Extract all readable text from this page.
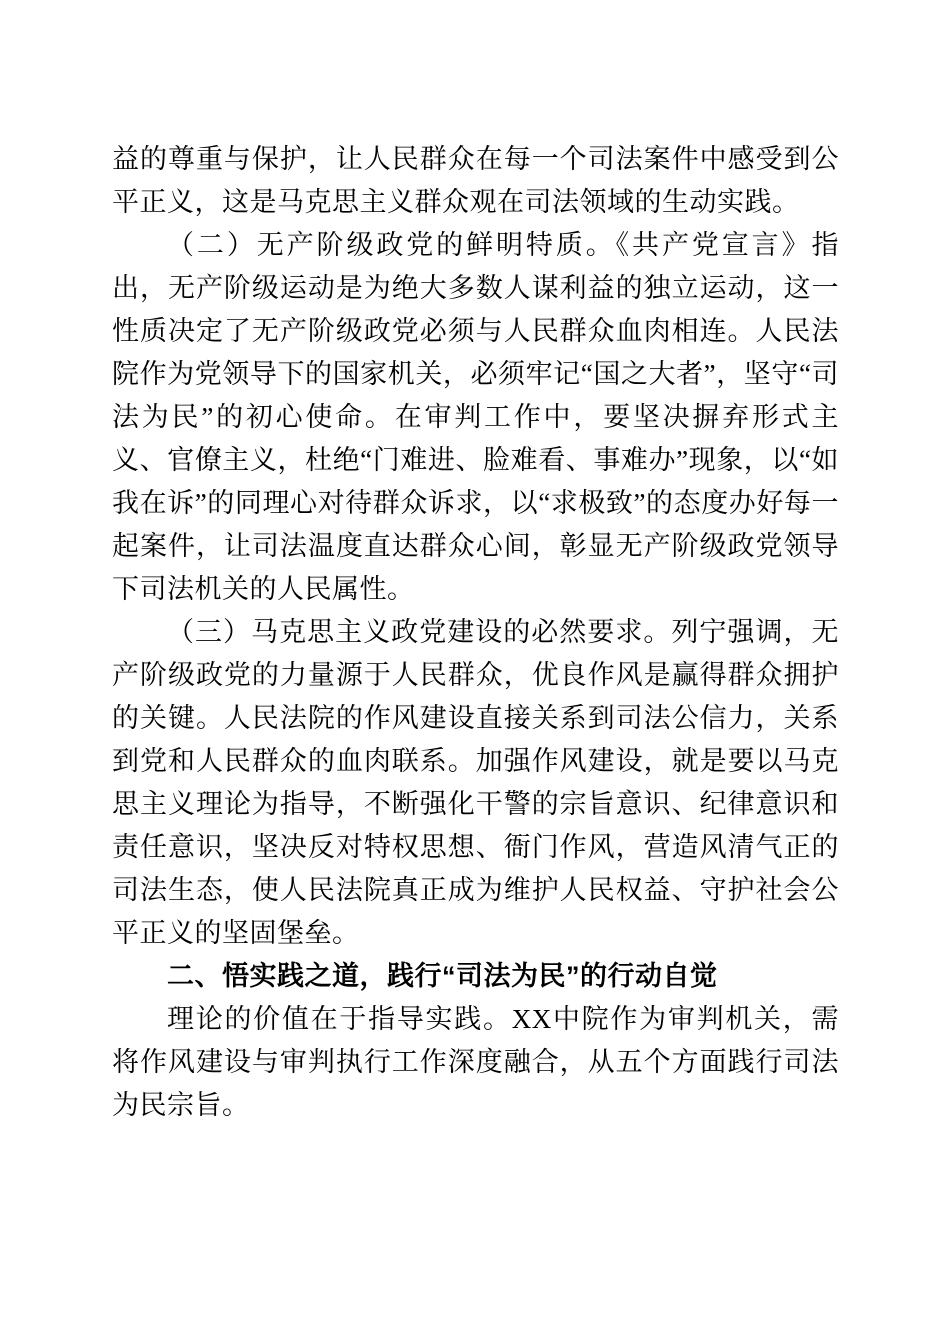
益的尊重与保护，让人民群众在每一个司法案件中感受到公平正义，这是马克思主义群众观在司法领域的生动实践。

（二）无产阶级政党的鲜明特质。《共产党宣言》指出，无产阶级运动是为绝大多数人谋利益的独立运动，这一性质决定了无产阶级政党必须与人民群众血肉相连。人民法院作为党领导下的国家机关，必须牢记“国之大者”，坚守“司法为民”的初心使命。在审判工作中，要坚决摒弃形式主义、官僚主义，杜绝“门难进、脸难看、事难办”现象，以“如我在诉”的同理心对待群众诉求，以“求极致”的态度办好每一起案件，让司法温度直达群众心间，彰显无产阶级政党领导下司法机关的人民属性。

（三）马克思主义政党建设的必然要求。列宁强调，无产阶级政党的力量源于人民群众，优良作风是赢得群众拥护的关键。人民法院的作风建设直接关系到司法公信力，关系到党和人民群众的血肉联系。加强作风建设，就是要以马克思主义理论为指导，不断强化干警的宗旨意识、纪律意识和责任意识，坚决反对特权思想、衙门作风，营造风清气正的司法生态，使人民法院真正成为维护人民权益、守护社会公平正义的坚固堡垒。

二、悟实践之道，践行“司法为民”的行动自觉

理论的价值在于指导实践。XX中院作为审判机关，需将作风建设与审判执行工作深度融合，从五个方面践行司法为民宗旨。
